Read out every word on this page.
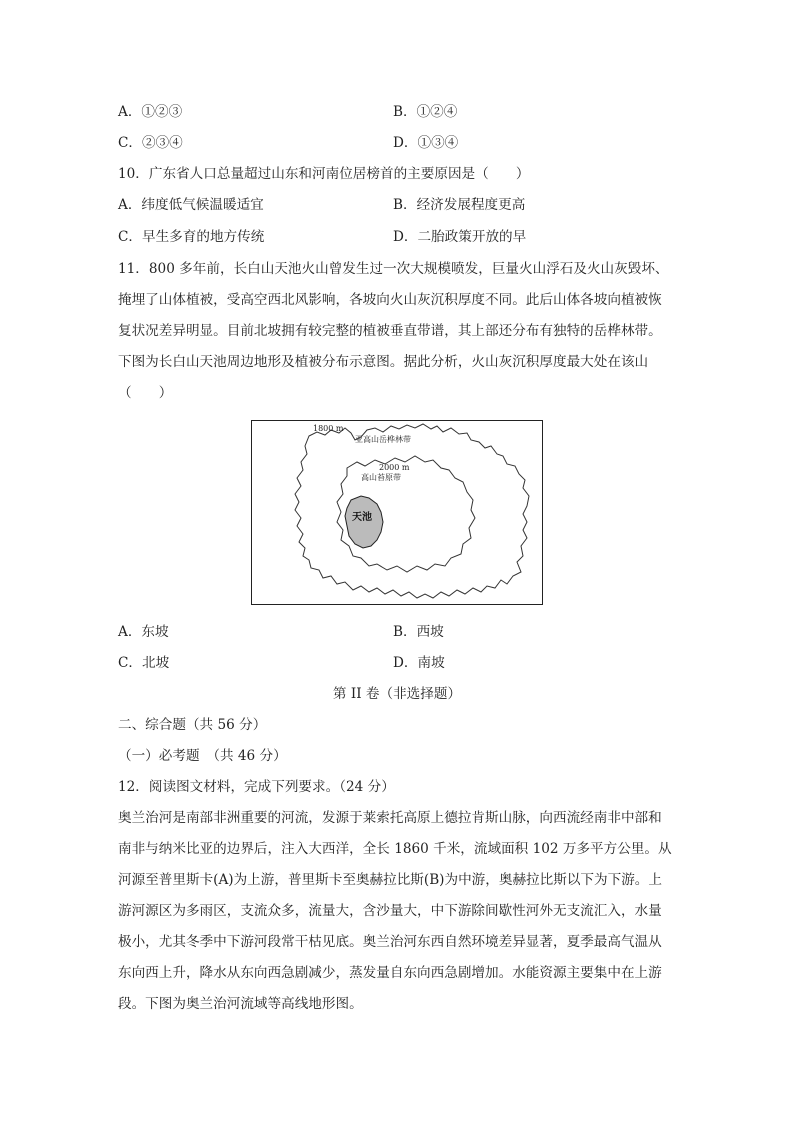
A．①②③	B．①②④
C．②③④	D．①③④
10．广东省人口总量超过山东和河南位居榜首的主要原因是（　　）
A．纬度低气候温暖适宜	B．经济发展程度更高
C．早生多育的地方传统	D．二胎政策开放的早
11．800 多年前，长白山天池火山曾发生过一次大规模喷发，巨量火山浮石及火山灰毁坏、
掩埋了山体植被，受高空西北风影响，各坡向火山灰沉积厚度不同。此后山体各坡向植被恢
复状况差异明显。目前北坡拥有较完整的植被垂直带谱，其上部还分布有独特的岳桦林带。
下图为长白山天池周边地形及植被分布示意图。据此分析，火山灰沉积厚度最大处在该山
（　　）
1800 m
亚高山岳桦林带
2000 m
高山苔原带
天池
A．东坡	B．西坡
C．北坡	D．南坡
第 II 卷（非选择题）
二、综合题（共 56 分）
（一）必考题　（共 46 分）
12．阅读图文材料，完成下列要求。（24 分）
奥兰治河是南部非洲重要的河流，发源于莱索托高原上德拉肯斯山脉，向西流经南非中部和
南非与纳米比亚的边界后，注入大西洋，全长 1860 千米，流域面积 102 万多平方公里。从
河源至普里斯卡(A)为上游，普里斯卡至奥赫拉比斯(B)为中游，奥赫拉比斯以下为下游。上
游河源区为多雨区，支流众多，流量大，含沙量大，中下游除间歇性河外无支流汇入，水量
极小，尤其冬季中下游河段常干枯见底。奥兰治河东西自然环境差异显著，夏季最高气温从
东向西上升，降水从东向西急剧减少，蒸发量自东向西急剧增加。水能资源主要集中在上游
段。下图为奥兰治河流域等高线地形图。
